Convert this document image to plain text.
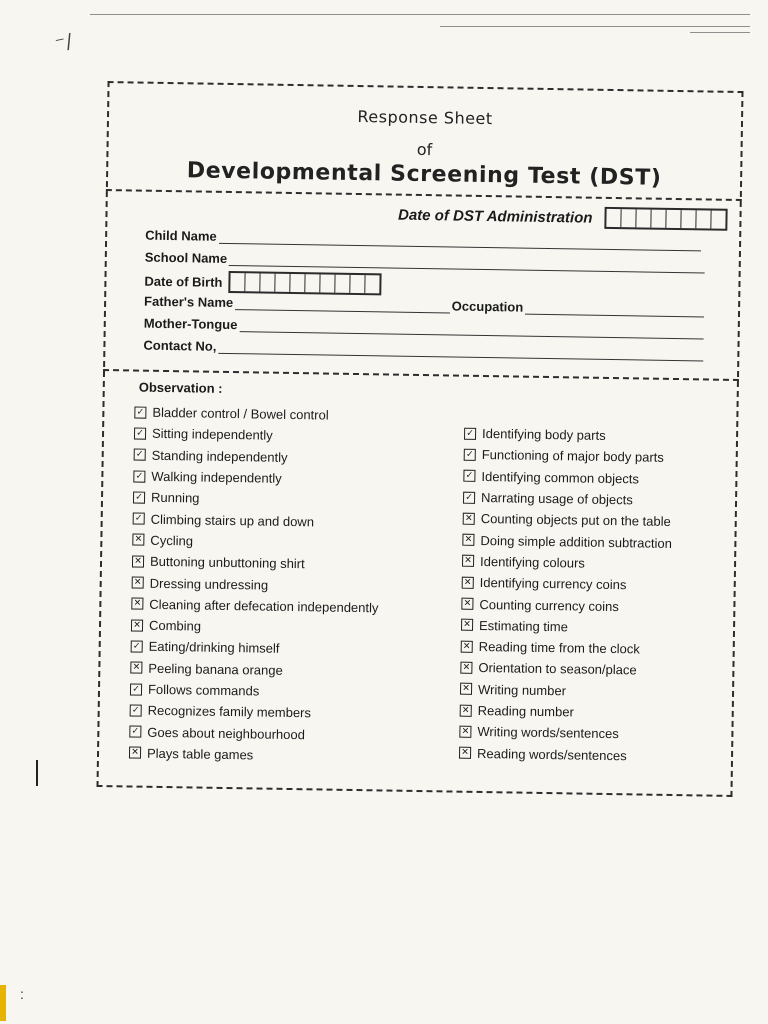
⁻/
:
Response Sheet
of
Developmental Screening Test (DST)
Date of DST Administration
Child Name
School Name
Date of Birth
Father's Name	Occupation
Mother-Tongue
Contact No,
Observation :
✓ Bladder control / Bowel control
✓ Sitting independently
✓ Standing independently
✓ Walking independently
✓ Running
✓ Climbing stairs up and down
✕ Cycling
✕ Buttoning unbuttoning shirt
✕ Dressing undressing
✕ Cleaning after defecation independently
✕ Combing
✓ Eating/drinking himself
✕ Peeling banana orange
✓ Follows commands
✓ Recognizes family members
✓ Goes about neighbourhood
✕ Plays table games
✓ Identifying body parts
✓ Functioning of major body parts
✓ Identifying common objects
✓ Narrating usage of objects
✕ Counting objects put on the table
✕ Doing simple addition subtraction
✕ Identifying colours
✕ Identifying currency coins
✕ Counting currency coins
✕ Estimating time
✕ Reading time from the clock
✕ Orientation to season/place
✕ Writing number
✕ Reading number
✕ Writing words/sentences
✕ Reading words/sentences
